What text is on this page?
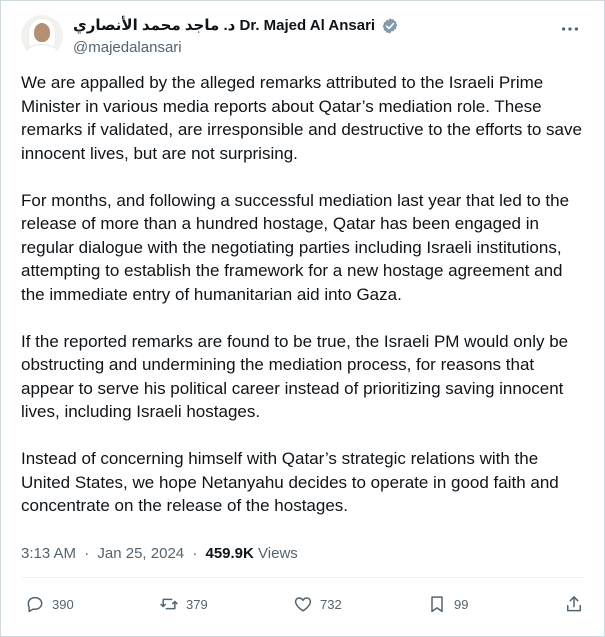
د. ماجد محمد الأنصاري Dr. Majed Al Ansari
@majedalansari

We are appalled by the alleged remarks attributed to the Israeli Prime Minister in various media reports about Qatar’s mediation role. These remarks if validated, are irresponsible and destructive to the efforts to save innocent lives, but are not surprising.

For months, and following a successful mediation last year that led to the release of more than a hundred hostage, Qatar has been engaged in regular dialogue with the negotiating parties including Israeli institutions, attempting to establish the framework for a new hostage agreement and the immediate entry of humanitarian aid into Gaza.

If the reported remarks are found to be true, the Israeli PM would only be obstructing and undermining the mediation process, for reasons that appear to serve his political career instead of prioritizing saving innocent lives, including Israeli hostages.

Instead of concerning himself with Qatar’s strategic relations with the United States, we hope Netanyahu decides to operate in good faith and concentrate on the release of the hostages.

3:13 AM · Jan 25, 2024 · 459.9K Views
390	379	732	99
